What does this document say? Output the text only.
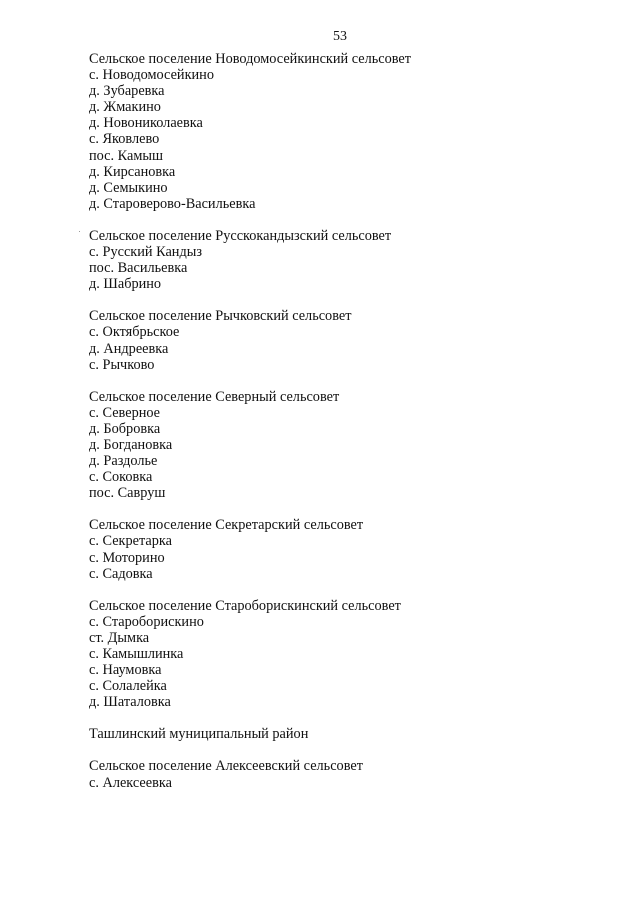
53
Сельское поселение Новодомосейкинский сельсовет
с. Новодомосейкино
д. Зубаревка
д. Жмакино
д. Новониколаевка
с. Яковлево
пос. Камыш
д. Кирсановка
д. Семыкино
д. Староверово-Васильевка
Сельское поселение Русскокандызский сельсовет
с. Русский Кандыз
пос. Васильевка
д. Шабрино
Сельское поселение Рычковский сельсовет
с. Октябрьское
д. Андреевка
с. Рычково
Сельское поселение Северный сельсовет
с. Северное
д. Бобровка
д. Богдановка
д. Раздолье
с. Соковка
пос. Савруш
Сельское поселение Секретарский сельсовет
с. Секретарка
с. Моторино
с. Садовка
Сельское поселение Староборискинский сельсовет
с. Староборискино
ст. Дымка
с. Камышлинка
с. Наумовка
с. Солалейка
д. Шаталовка
Ташлинский муниципальный район
Сельское поселение Алексеевский сельсовет
с. Алексеевка
